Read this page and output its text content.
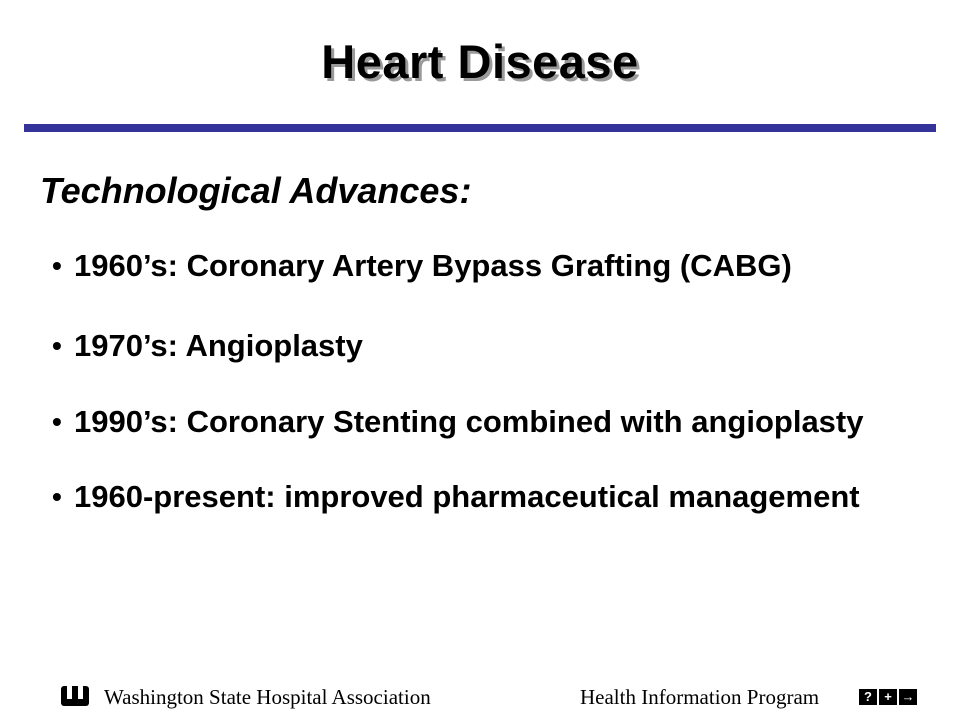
Heart Disease
Technological Advances:
• 1960’s: Coronary Artery Bypass Grafting (CABG)
• 1970’s: Angioplasty
• 1990’s: Coronary Stenting combined with angioplasty
• 1960-present: improved pharmaceutical management
Washington State Hospital Association	Health Information Program	? + →
